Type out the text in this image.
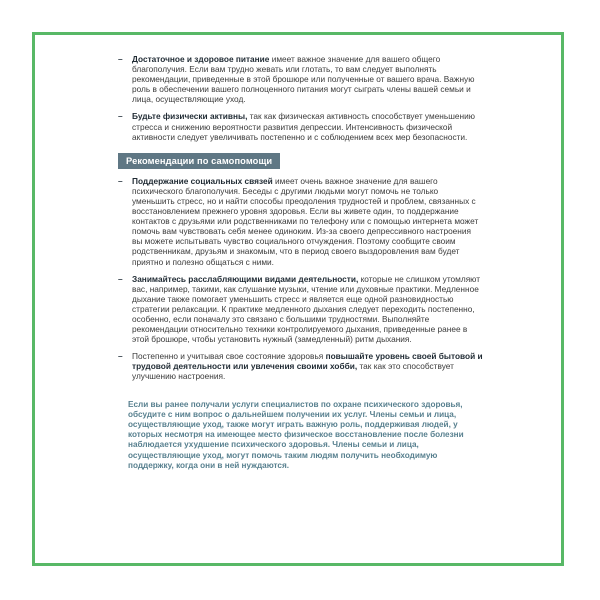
– Достаточное и здоровое питание имеет важное значение для вашего общего благополучия. Если вам трудно жевать или глотать, то вам следует выполнять рекомендации, приведенные в этой брошюре или полученные от вашего врача. Важную роль в обеспечении вашего полноценного питания могут сыграть члены вашей семьи и лица, осуществляющие уход.
– Будьте физически активны, так как физическая активность способствует уменьшению стресса и снижению вероятности развития депрессии. Интенсивность физической активности следует увеличивать постепенно и с соблюдением всех мер безопасности.
Рекомендации по самопомощи
– Поддержание социальных связей имеет очень важное значение для вашего психического благополучия. Беседы с другими людьми могут помочь не только уменьшить стресс, но и найти способы преодоления трудностей и проблем, связанных с восстановлением прежнего уровня здоровья. Если вы живете один, то поддержание контактов с друзьями или родственниками по телефону или с помощью интернета может помочь вам чувствовать себя менее одиноким. Из-за своего депрессивного настроения вы можете испытывать чувство социального отчуждения. Поэтому сообщите своим родственникам, друзьям и знакомым, что в период своего выздоровления вам будет приятно и полезно общаться с ними.
– Занимайтесь расслабляющими видами деятельности, которые не слишком утомляют вас, например, такими, как слушание музыки, чтение или духовные практики. Медленное дыхание также помогает уменьшить стресс и является еще одной разновидностью стратегии релаксации. К практике медленного дыхания следует переходить постепенно, особенно, если поначалу это связано с большими трудностями. Выполняйте рекомендации относительно техники контролируемого дыхания, приведенные ранее в этой брошюре, чтобы установить нужный (замедленный) ритм дыхания.
– Постепенно и учитывая свое состояние здоровья повышайте уровень своей бытовой и трудовой деятельности или увлечения своими хобби, так как это способствует улучшению настроения.
Если вы ранее получали услуги специалистов по охране психического здоровья, обсудите с ним вопрос о дальнейшем получении их услуг. Члены семьи и лица, осуществляющие уход, также могут играть важную роль, поддерживая людей, у которых несмотря на имеющее место физическое восстановление после болезни наблюдается ухудшение психического здоровья. Члены семьи и лица, осуществляющие уход, могут помочь таким людям получить необходимую поддержку, когда они в ней нуждаются.
